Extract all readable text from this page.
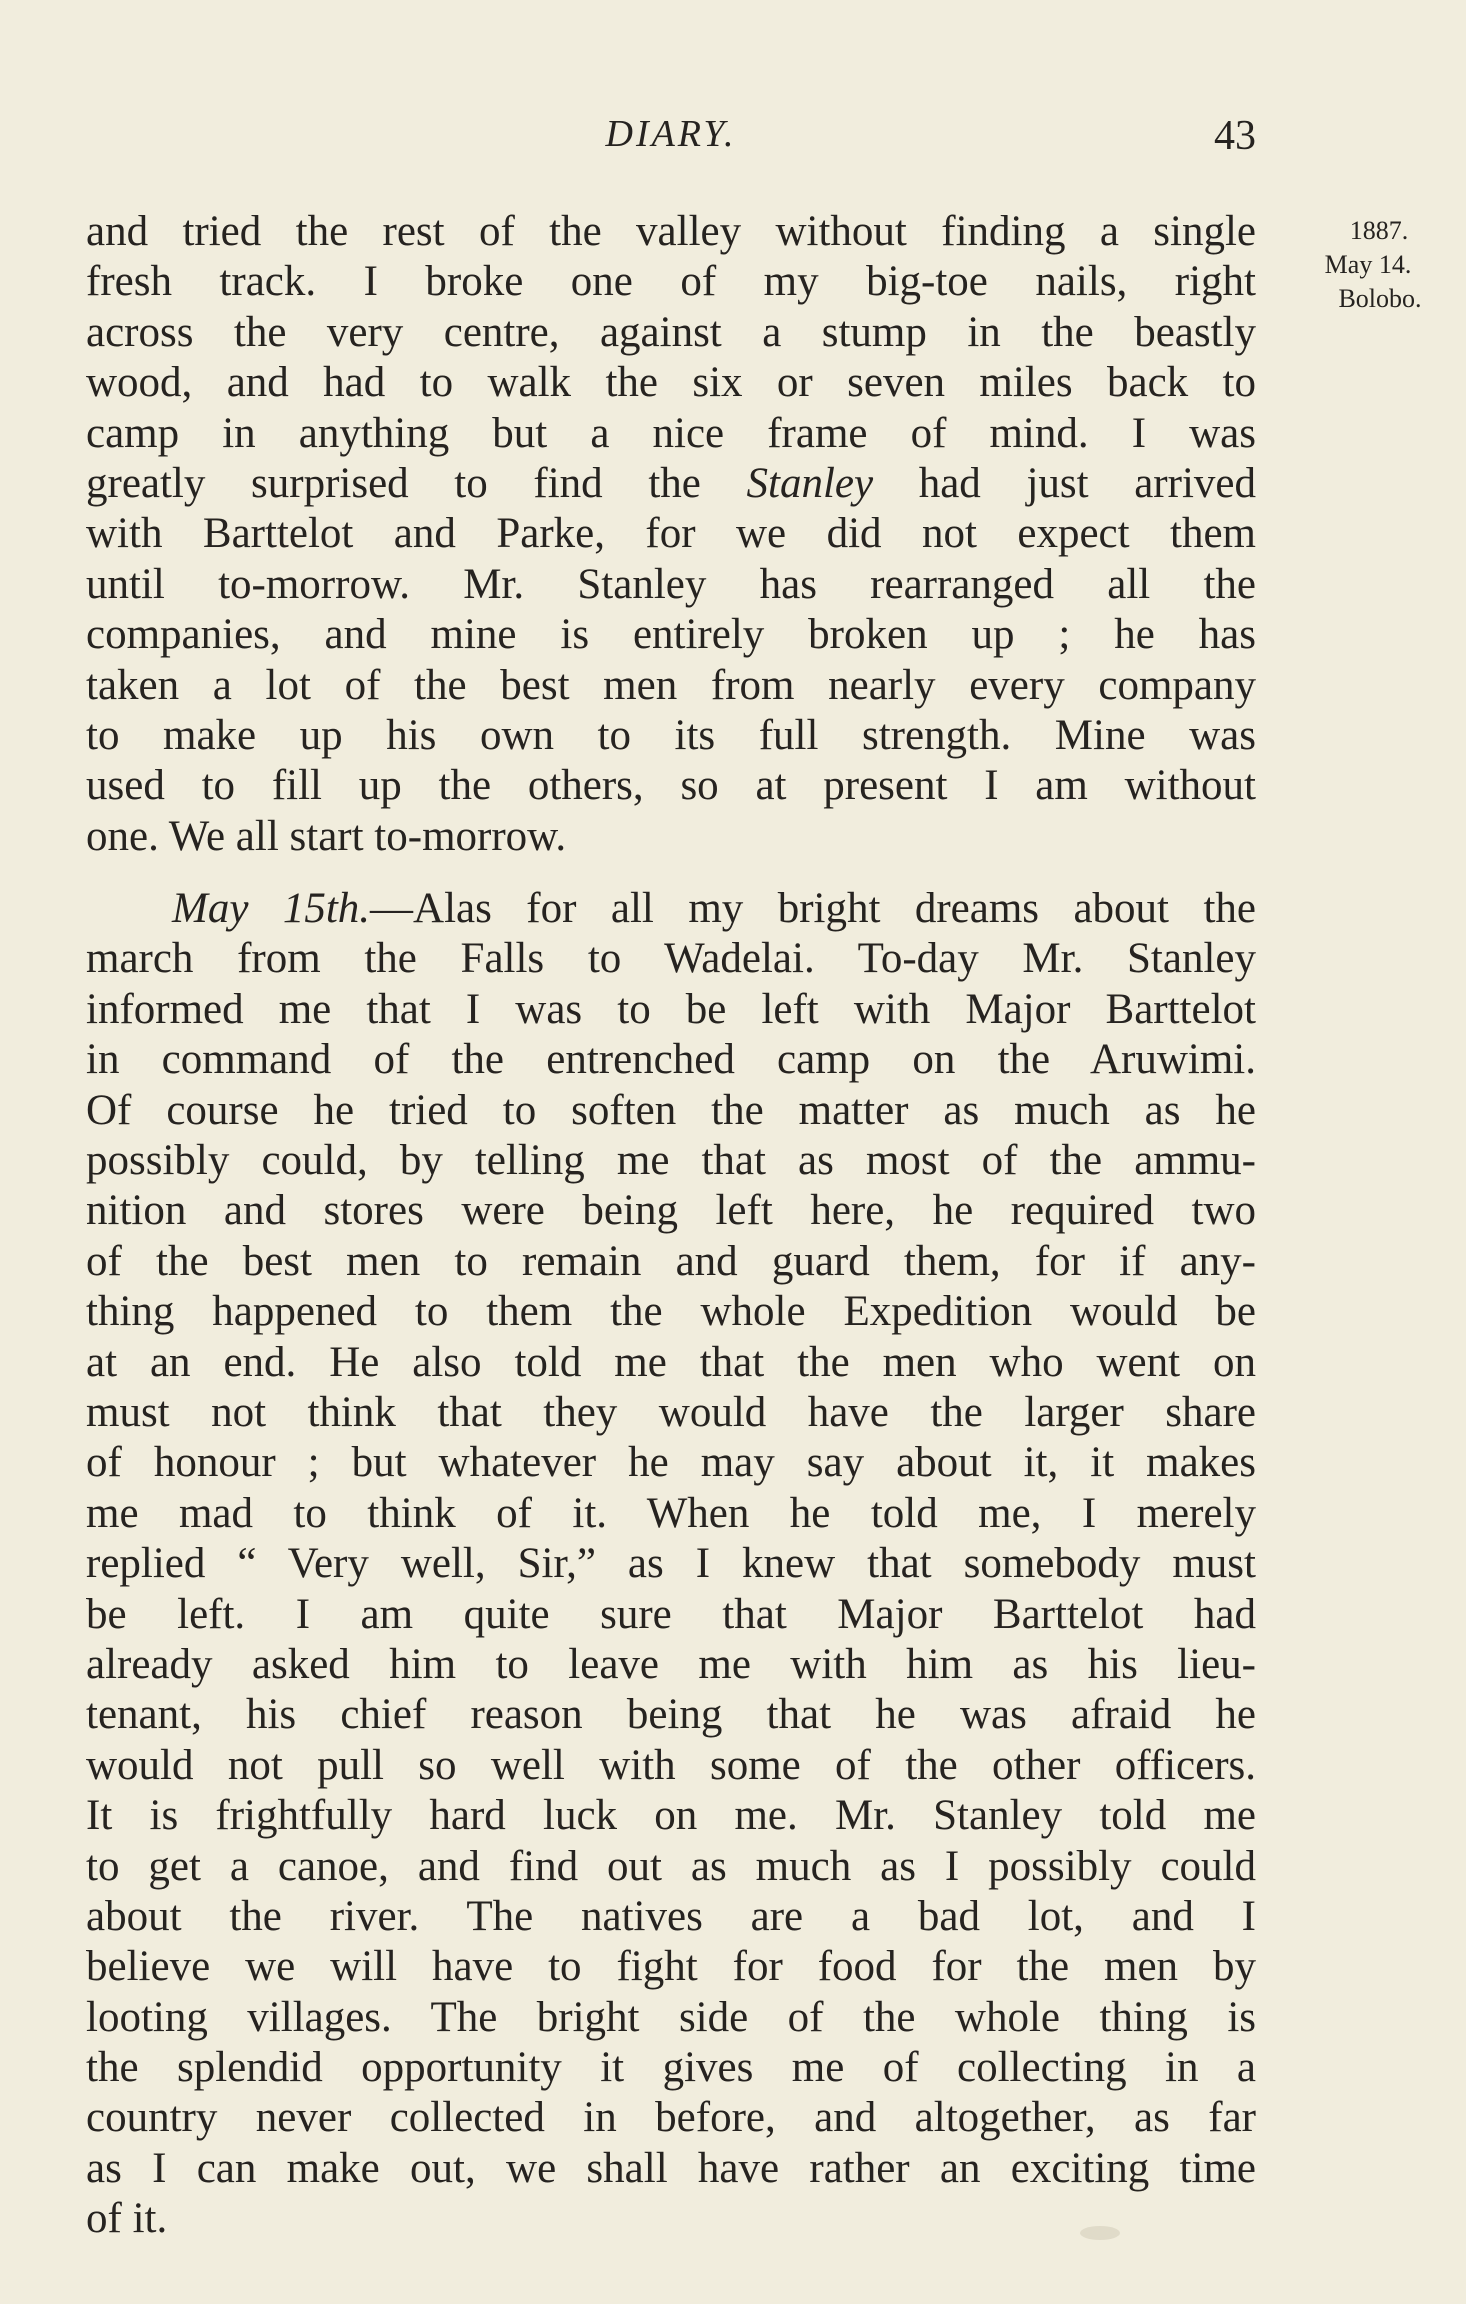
DIARY.	43
1887.
May 14.
Bolobo.
and tried the rest of the valley without finding a single
fresh track. I broke one of my big-toe nails, right
across the very centre, against a stump in the beastly
wood, and had to walk the six or seven miles back to
camp in anything but a nice frame of mind. I was
greatly surprised to find the Stanley had just arrived
with Barttelot and Parke, for we did not expect them
until to-morrow. Mr. Stanley has rearranged all the
companies, and mine is entirely broken up ; he has
taken a lot of the best men from nearly every company
to make up his own to its full strength. Mine was
used to fill up the others, so at present I am without
one. We all start to-morrow.
May 15th.—Alas for all my bright dreams about the
march from the Falls to Wadelai. To-day Mr. Stanley
informed me that I was to be left with Major Barttelot
in command of the entrenched camp on the Aruwimi.
Of course he tried to soften the matter as much as he
possibly could, by telling me that as most of the ammu-
nition and stores were being left here, he required two
of the best men to remain and guard them, for if any-
thing happened to them the whole Expedition would be
at an end. He also told me that the men who went on
must not think that they would have the larger share
of honour ; but whatever he may say about it, it makes
me mad to think of it. When he told me, I merely
replied “ Very well, Sir,” as I knew that somebody must
be left. I am quite sure that Major Barttelot had
already asked him to leave me with him as his lieu-
tenant, his chief reason being that he was afraid he
would not pull so well with some of the other officers.
It is frightfully hard luck on me. Mr. Stanley told me
to get a canoe, and find out as much as I possibly could
about the river. The natives are a bad lot, and I
believe we will have to fight for food for the men by
looting villages. The bright side of the whole thing is
the splendid opportunity it gives me of collecting in a
country never collected in before, and altogether, as far
as I can make out, we shall have rather an exciting time
of it.
